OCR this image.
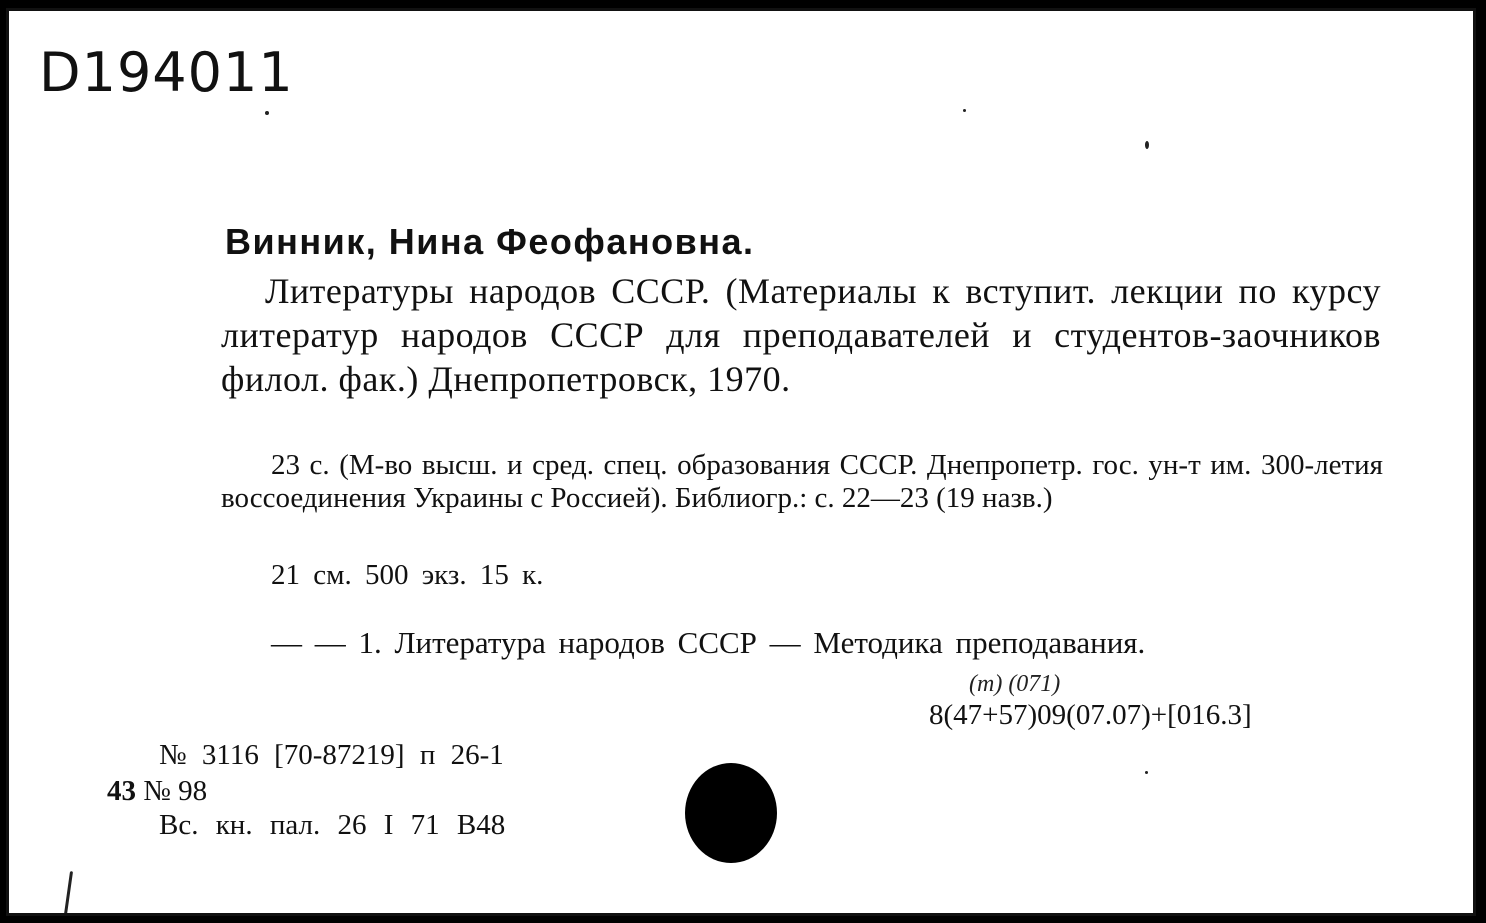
D194011
Винник, Нина Феофановна.
Литературы народов СССР. (Материалы к вступит. лекции по курсу литератур народов СССР для преподавателей и студентов-заочников филол. фак.) Днепропетровск, 1970.
23 с. (М-во высш. и сред. спец. образования СССР. Днепропетр. гос. ун-т им. 300-летия воссоединения Украины с Россией). Библиогр.: с. 22—23 (19 назв.)
21 см. 500 экз. 15 к.
— — 1. Литература народов СССР — Методика преподавания.
(т) (071)
8(47+57)09(07.07)+[016.3]
№ 3116 [70-87219] п 26-1
43 № 98
Вс. кн. пал. 26 I 71 В48
